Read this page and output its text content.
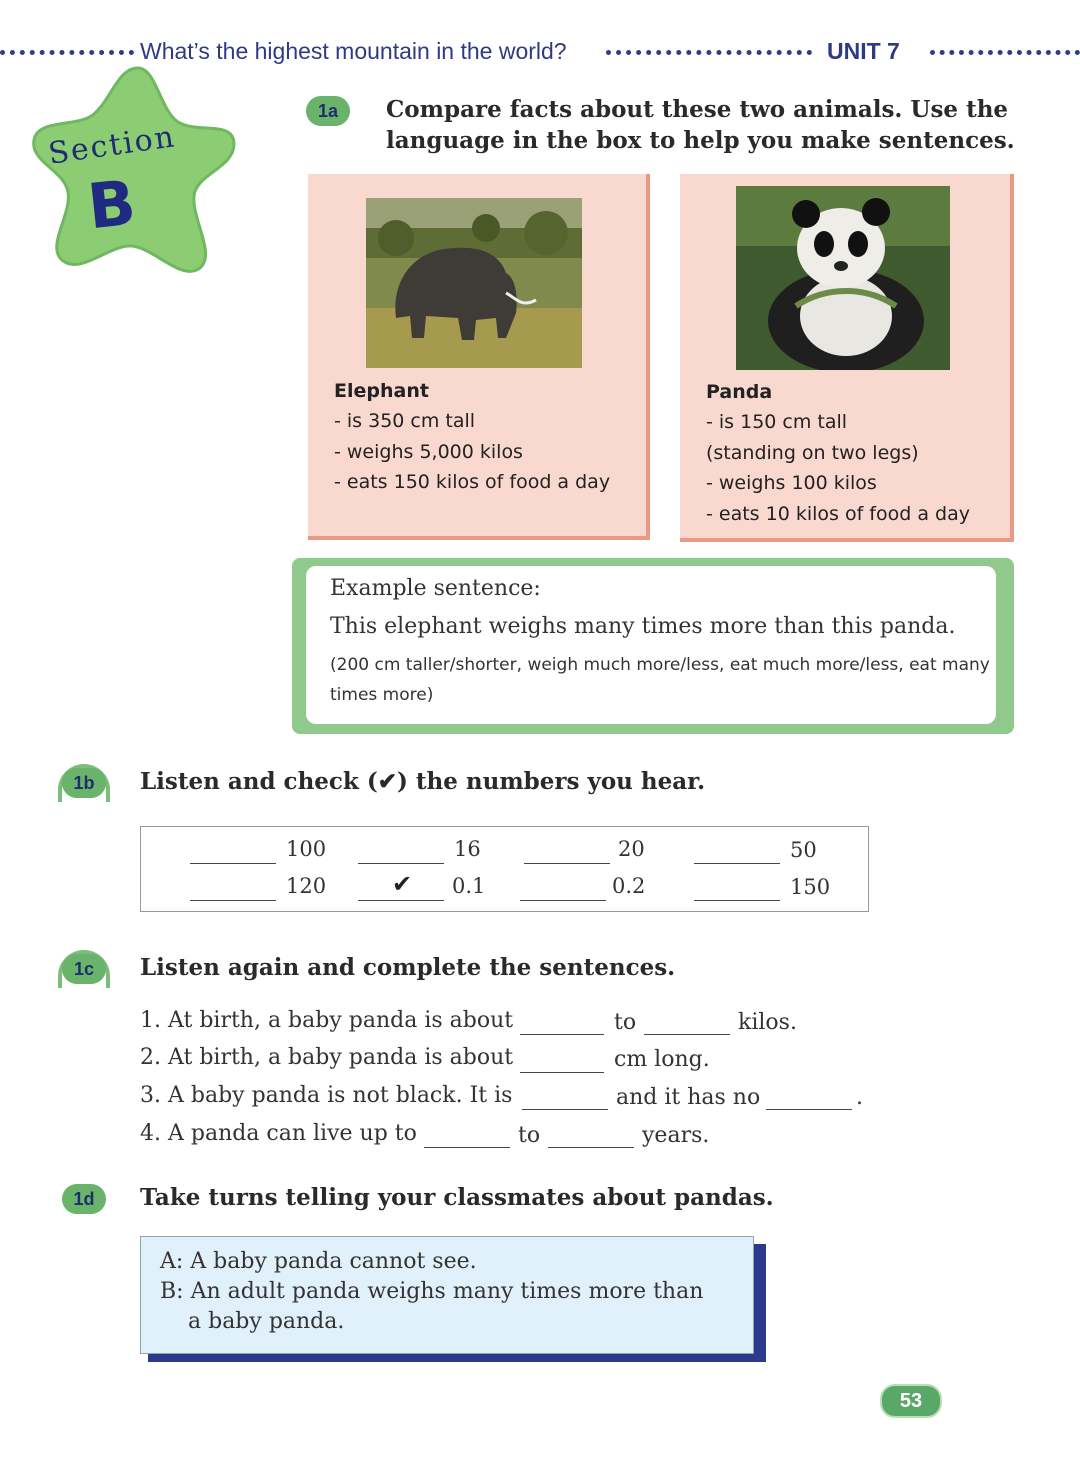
What’s the highest mountain in the world?	UNIT 7
Section
B
1a	Compare facts about these two animals. Use the
language in the box to help you make sentences.
Elephant
- is 350 cm tall
- weighs 5,000 kilos
- eats 150 kilos of food a day
Panda
- is 150 cm tall
(standing on two legs)
- weighs 100 kilos
- eats 10 kilos of food a day
Example sentence:
This elephant weighs many times more than this panda.
(200 cm taller/shorter, weigh much more/less, eat much more/less, eat many times more)
1b	Listen and check (✔) the numbers you hear.
100	16	20	50
120	✔ 0.1	0.2	150
1c	Listen again and complete the sentences.
1. At birth, a baby panda is about	to	kilos.
2. At birth, a baby panda is about	cm long.
3. A baby panda is not black. It is	and it has no	.
4. A panda can live up to	to	years.
1d	Take turns telling your classmates about pandas.
A: A baby panda cannot see.
B: An adult panda weighs many times more than
a baby panda.
53
